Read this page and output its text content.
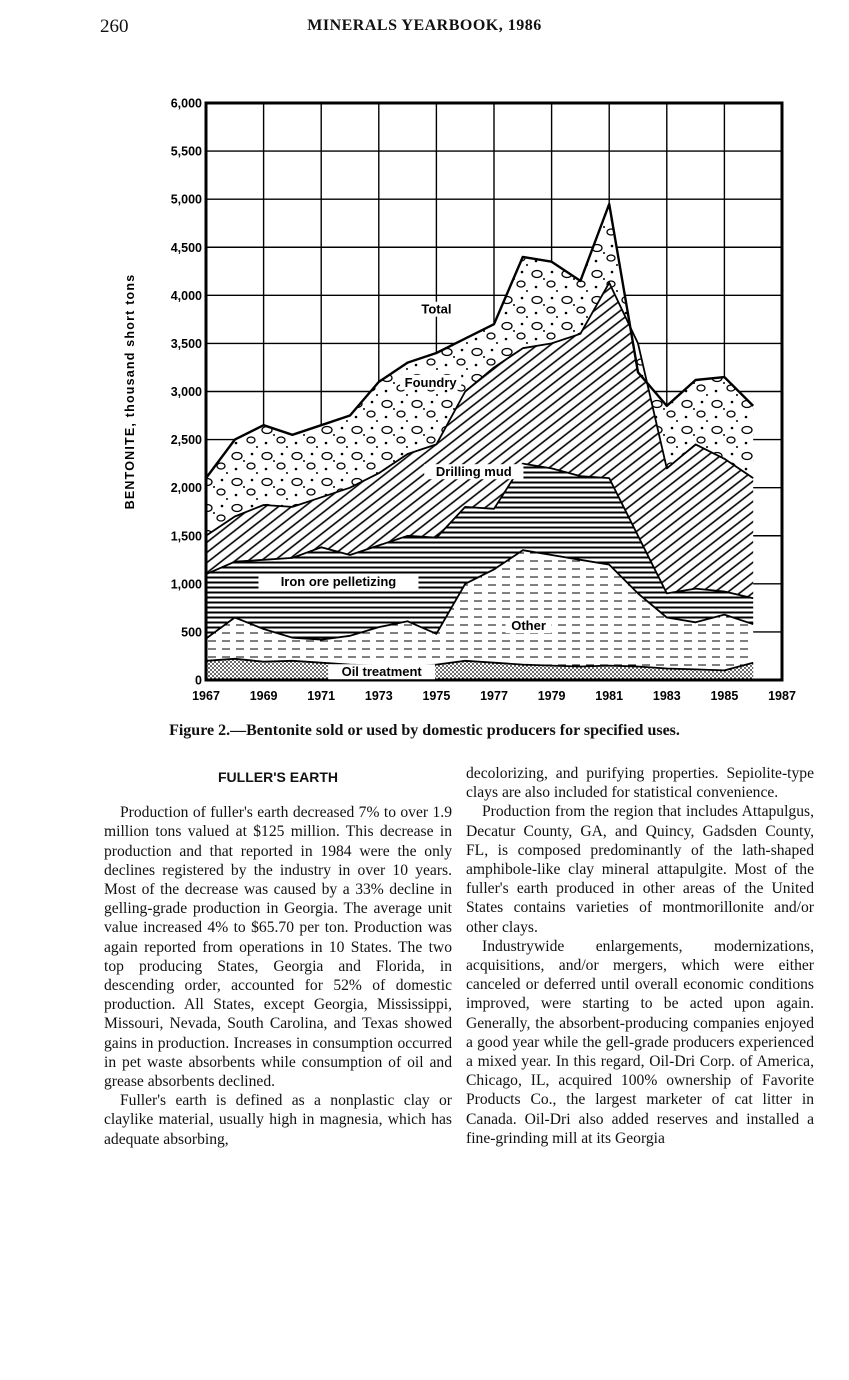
260	MINERALS YEARBOOK, 1986
1967 1969 1971 1973 1975 1977 1979 1981 1983 1985 1987
0
500
1,000
1,500
2,000
2,500
3,000
3,500
4,000
4,500
5,000
5,500
6,000
Total
Foundry
Drilling mud
Iron ore pelletizing
Other
Oil treatment
BENTONITE, thousand short tons
Figure 2.—Bentonite sold or used by domestic producers for specified uses.
FULLER'S EARTH

Production of fuller's earth decreased 7% to over 1.9 million tons valued at $125 million. This decrease in production and that reported in 1984 were the only declines registered by the industry in over 10 years. Most of the decrease was caused by a 33% decline in gelling-grade production in Georgia. The average unit value increased 4% to $65.70 per ton. Production was again reported from operations in 10 States. The two top producing States, Georgia and Florida, in descending order, accounted for 52% of domestic production. All States, except Georgia, Mississippi, Missouri, Nevada, South Carolina, and Texas showed gains in production. Increases in consumption occurred in pet waste absorbents while consumption of oil and grease absorbents declined.

Fuller's earth is defined as a nonplastic clay or claylike material, usually high in magnesia, which has adequate absorbing,

decolorizing, and purifying properties. Sepiolite-type clays are also included for statistical convenience.

Production from the region that includes Attapulgus, Decatur County, GA, and Quincy, Gadsden County, FL, is composed predominantly of the lath-shaped amphibole-like clay mineral attapulgite. Most of the fuller's earth produced in other areas of the United States contains varieties of montmorillonite and/or other clays.

Industrywide enlargements, modernizations, acquisitions, and/or mergers, which were either canceled or deferred until overall economic conditions improved, were starting to be acted upon again. Generally, the absorbent-producing companies enjoyed a good year while the gell-grade producers experienced a mixed year. In this regard, Oil-Dri Corp. of America, Chicago, IL, acquired 100% ownership of Favorite Products Co., the largest marketer of cat litter in Canada. Oil-Dri also added reserves and installed a fine-grinding mill at its Georgia
